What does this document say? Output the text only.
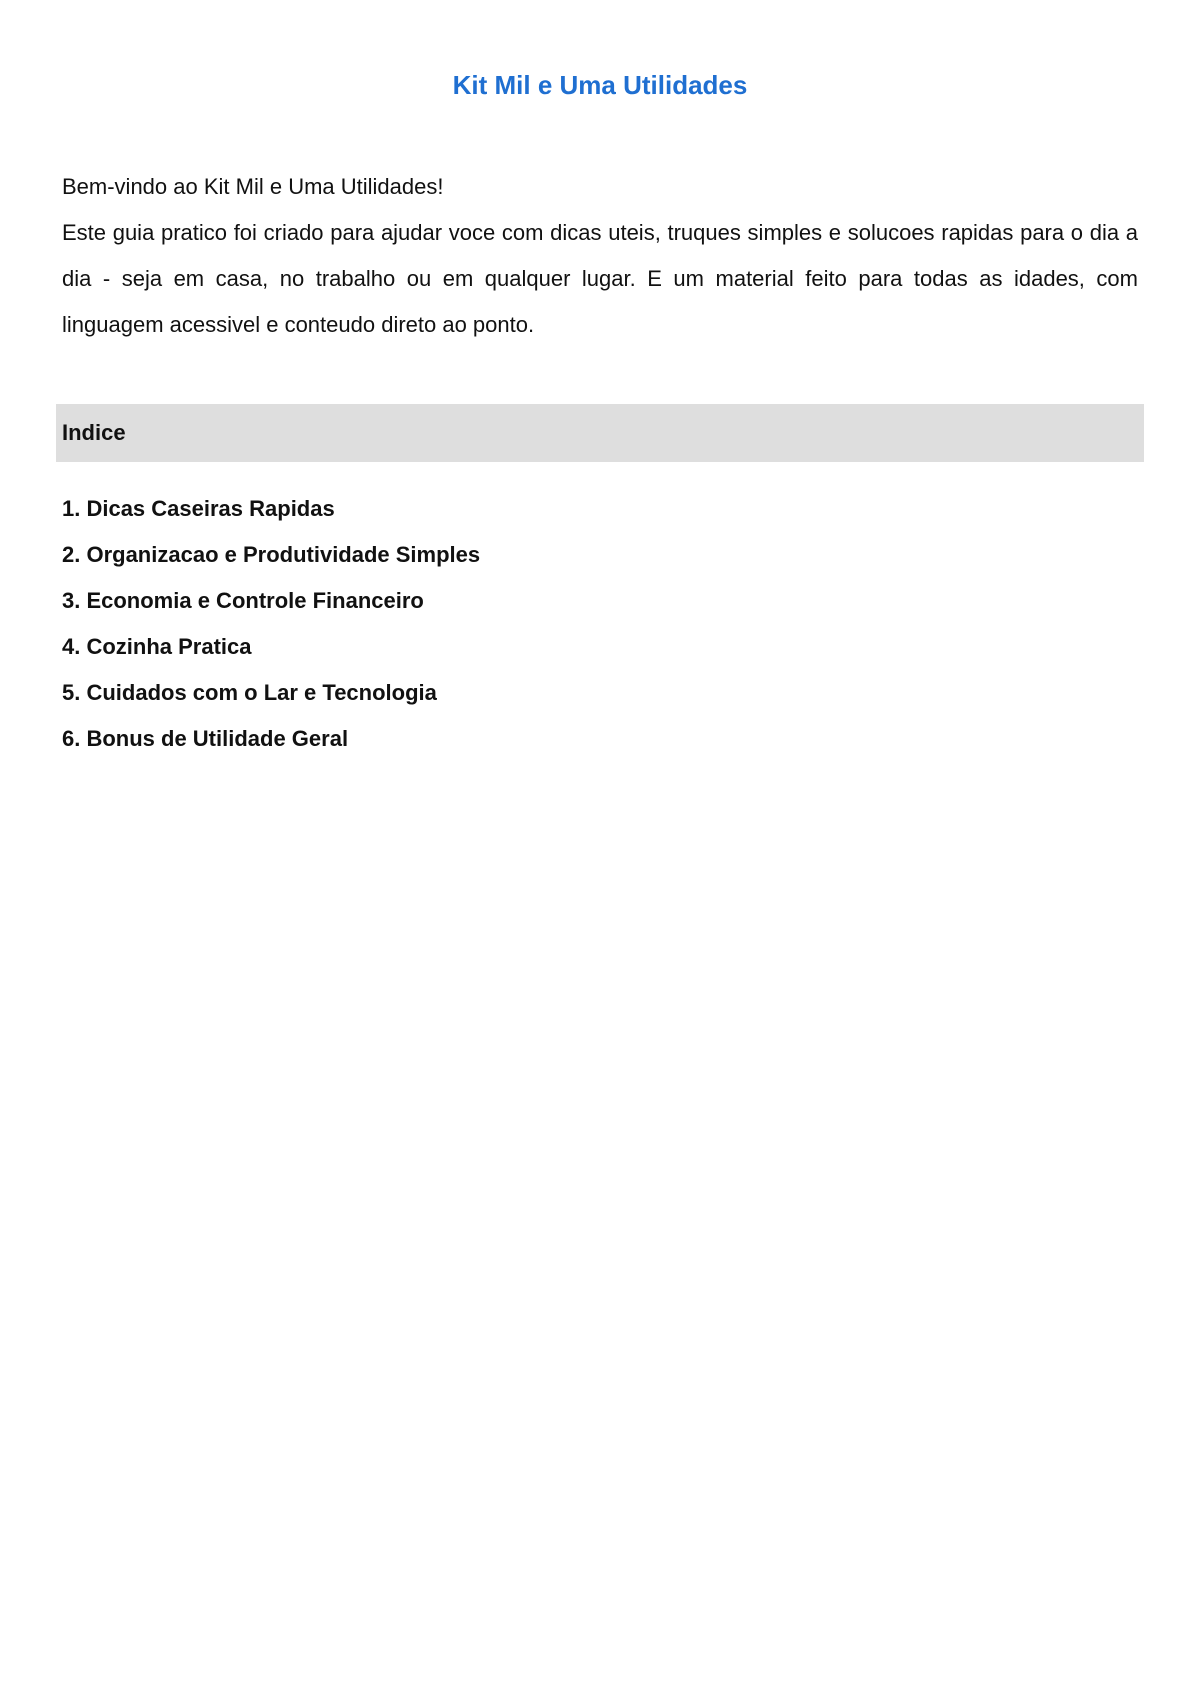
Kit Mil e Uma Utilidades

Bem-vindo ao Kit Mil e Uma Utilidades!

Este guia pratico foi criado para ajudar voce com dicas uteis, truques simples e solucoes rapidas para o dia a dia - seja em casa, no trabalho ou em qualquer lugar. E um material feito para todas as idades, com linguagem acessivel e conteudo direto ao ponto.

Indice
1. Dicas Caseiras Rapidas
2. Organizacao e Produtividade Simples
3. Economia e Controle Financeiro
4. Cozinha Pratica
5. Cuidados com o Lar e Tecnologia
6. Bonus de Utilidade Geral
